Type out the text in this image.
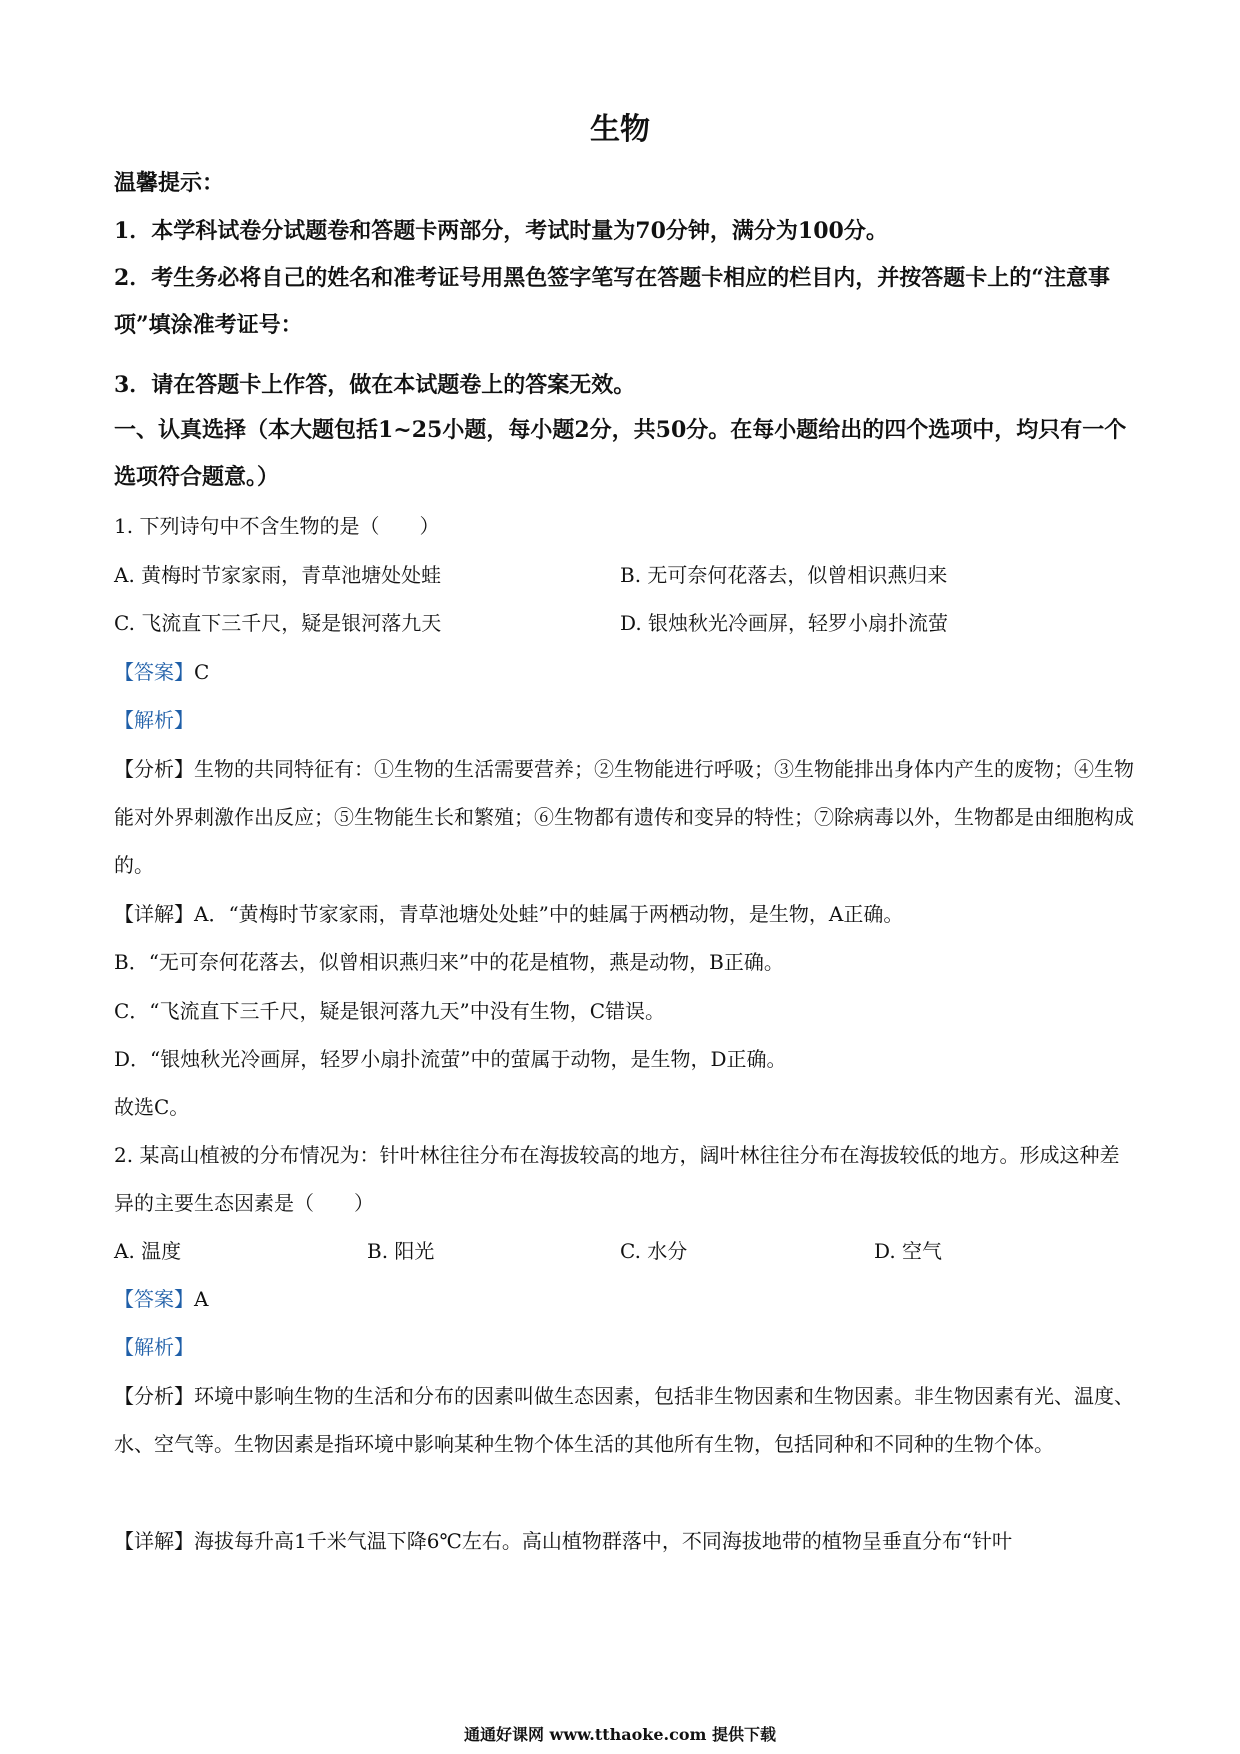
生物
温馨提示：
1．本学科试卷分试题卷和答题卡两部分，考试时量为70分钟，满分为100分。
2．考生务必将自己的姓名和准考证号用黑色签字笔写在答题卡相应的栏目内，并按答题卡上的“注意事项”填涂准考证号：
3．请在答题卡上作答，做在本试题卷上的答案无效。
一、认真选择（本大题包括1~25小题，每小题2分，共50分。在每小题给出的四个选项中，均只有一个选项符合题意。）
1. 下列诗句中不含生物的是（　　）
A. 黄梅时节家家雨，青草池塘处处蛙	B. 无可奈何花落去，似曾相识燕归来
C. 飞流直下三千尺，疑是银河落九天	D. 银烛秋光冷画屏，轻罗小扇扑流萤
【答案】C
【解析】
【分析】生物的共同特征有：①生物的生活需要营养；②生物能进行呼吸；③生物能排出身体内产生的废物；④生物能对外界刺激作出反应；⑤生物能生长和繁殖；⑥生物都有遗传和变异的特性；⑦除病毒以外，生物都是由细胞构成的。
【详解】A．“黄梅时节家家雨，青草池塘处处蛙”中的蛙属于两栖动物，是生物，A正确。
B．“无可奈何花落去，似曾相识燕归来”中的花是植物，燕是动物，B正确。
C．“飞流直下三千尺，疑是银河落九天”中没有生物，C错误。
D．“银烛秋光冷画屏，轻罗小扇扑流萤”中的萤属于动物，是生物，D正确。
故选C。
2. 某高山植被的分布情况为：针叶林往往分布在海拔较高的地方，阔叶林往往分布在海拔较低的地方。形成这种差异的主要生态因素是（　　）
A. 温度	B. 阳光	C. 水分	D. 空气
【答案】A
【解析】
【分析】环境中影响生物的生活和分布的因素叫做生态因素，包括非生物因素和生物因素。非生物因素有光、温度、水、空气等。生物因素是指环境中影响某种生物个体生活的其他所有生物，包括同种和不同种的生物个体。
【详解】海拔每升高1千米气温下降6℃左右。高山植物群落中，不同海拔地带的植物呈垂直分布“针叶
通通好课网 www.tthaoke.com 提供下载
